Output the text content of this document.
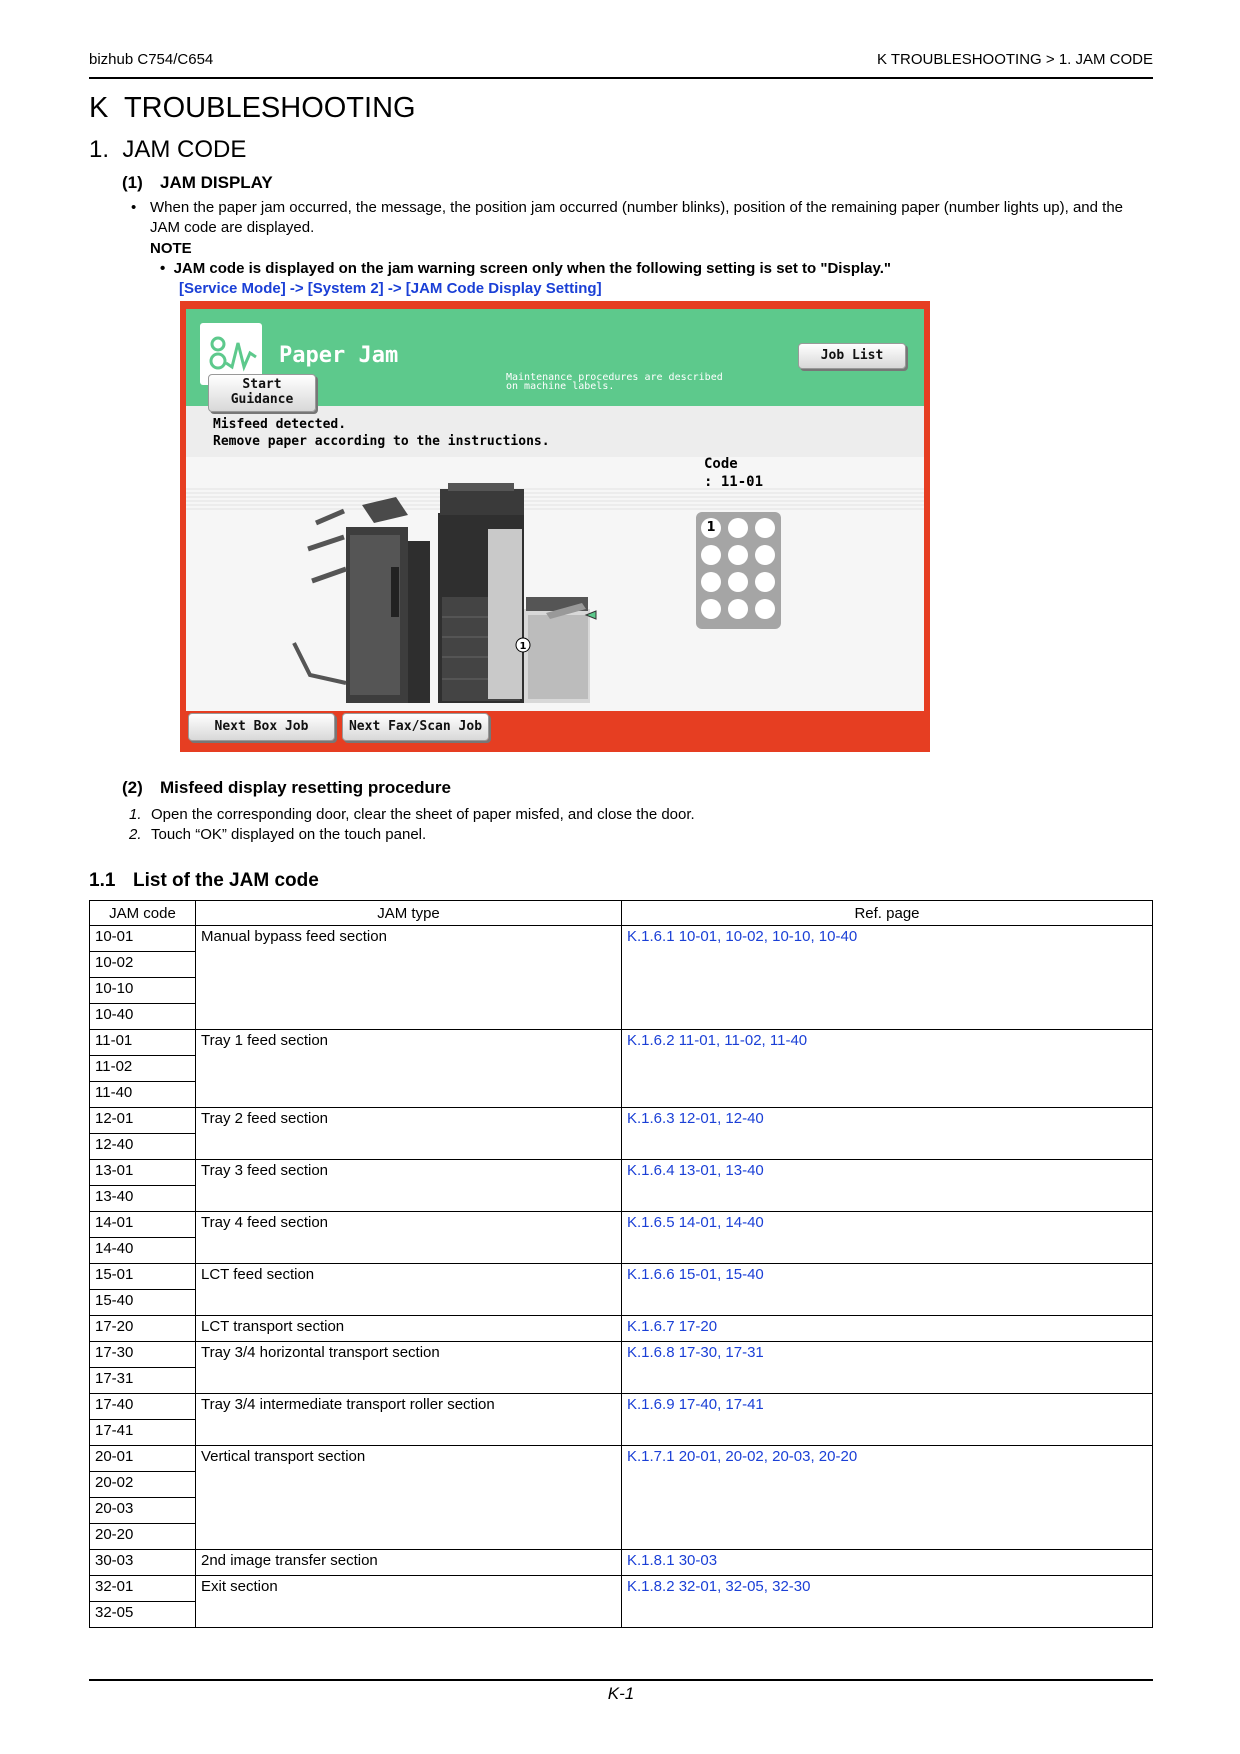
bizhub C754/C654	K TROUBLESHOOTING > 1. JAM CODE
K TROUBLESHOOTING
1. JAM CODE
(1) JAM DISPLAY
• When the paper jam occurred, the message, the position jam occurred (number blinks), position of the remaining paper (number lights up), and the JAM code are displayed.
NOTE
•  JAM code is displayed on the jam warning screen only when the following setting is set to "Display."
[Service Mode] -> [System 2] -> [JAM Code Display Setting]
Paper Jam
Maintenance procedures are described
on machine labels.
Job List
Misfeed detected.
Remove paper according to the instructions.
1
Start
Guidance
Code
: 11-01
1
Next Box Job	Next Fax/Scan Job
(2) Misfeed display resetting procedure
1. Open the corresponding door, clear the sheet of paper misfed, and close the door.
2. Touch “OK” displayed on the touch panel.
1.1 List of the JAM code
JAM code	JAM type	Ref. page
10-01	Manual bypass feed section	K.1.6.1 10-01, 10-02, 10-10, 10-40
10-02		
10-10		
10-40		
11-01	Tray 1 feed section	K.1.6.2 11-01, 11-02, 11-40
11-02		
11-40		
12-01	Tray 2 feed section	K.1.6.3 12-01, 12-40
12-40		
13-01	Tray 3 feed section	K.1.6.4 13-01, 13-40
13-40		
14-01	Tray 4 feed section	K.1.6.5 14-01, 14-40
14-40		
15-01	LCT feed section	K.1.6.6 15-01, 15-40
15-40		
17-20	LCT transport section	K.1.6.7 17-20
17-30	Tray 3/4 horizontal transport section	K.1.6.8 17-30, 17-31
17-31		
17-40	Tray 3/4 intermediate transport roller section	K.1.6.9 17-40, 17-41
17-41		
20-01	Vertical transport section	K.1.7.1 20-01, 20-02, 20-03, 20-20
20-02		
20-03		
20-20		
30-03	2nd image transfer section	K.1.8.1 30-03
32-01	Exit section	K.1.8.2 32-01, 32-05, 32-30
32-05		
K-1
